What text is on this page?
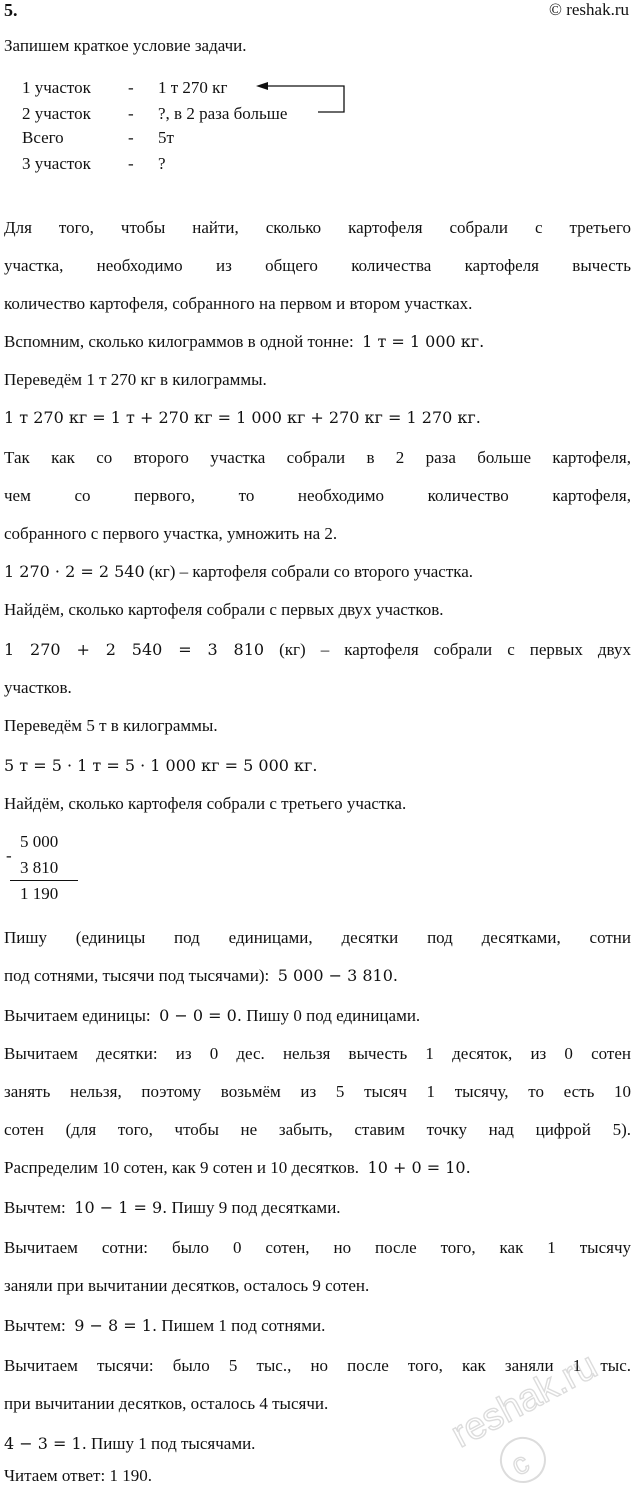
5.	© reshak.ru
Запишем краткое условие задачи.
1 участок - 1 т 270 кг
2 участок - ?, в 2 раза больше
Всего	- 5т
3 участок - ?
Для того, чтобы найти, сколько картофеля собрали с третьего
участка, необходимо из общего количества картофеля вычесть
количество картофеля, собранного на первом и втором участках.
Вспомним, сколько килограммов в одной тонне: 1 т = 1 000 кг.
Переведём 1 т 270 кг в килограммы.
1 т 270 кг = 1 т + 270 кг = 1 000 кг + 270 кг = 1 270 кг.
Так как со второго участка собрали в 2 раза больше картофеля,
чем со первого, то необходимо количество картофеля,
собранного с первого участка, умножить на 2.
1 270 · 2 = 2 540 (кг) – картофеля собрали со второго участка.
Найдём, сколько картофеля собрали с первых двух участков.
1 270 + 2 540 = 3 810 (кг) – картофеля собрали с первых двух
участков.
Переведём 5 т в килограммы.
5 т = 5 · 1 т = 5 · 1 000 кг = 5 000 кг.
Найдём, сколько картофеля собрали с третьего участка.
-
5 000
3 810
1 190
Пишу (единицы под единицами, десятки под десятками, сотни
под сотнями, тысячи под тысячами): 5 000 − 3 810.
Вычитаем единицы: 0 − 0 = 0. Пишу 0 под единицами.
Вычитаем десятки: из 0 дес. нельзя вычесть 1 десяток, из 0 сотен
занять нельзя, поэтому возьмём из 5 тысяч 1 тысячу, то есть 10
сотен (для того, чтобы не забыть, ставим точку над цифрой 5).
Распределим 10 сотен, как 9 сотен и 10 десятков. 10 + 0 = 10.
Вычтем: 10 − 1 = 9. Пишу 9 под десятками.
Вычитаем сотни: было 0 сотен, но после того, как 1 тысячу
заняли при вычитании десятков, осталось 9 сотен.
Вычтем: 9 − 8 = 1. Пишем 1 под сотнями.
Вычитаем тысячи: было 5 тыс., но после того, как заняли 1 тыс.
при вычитании десятков, осталось 4 тысячи.
4 − 3 = 1. Пишу 1 под тысячами.
Читаем ответ: 1 190.
reshak.ru
c
